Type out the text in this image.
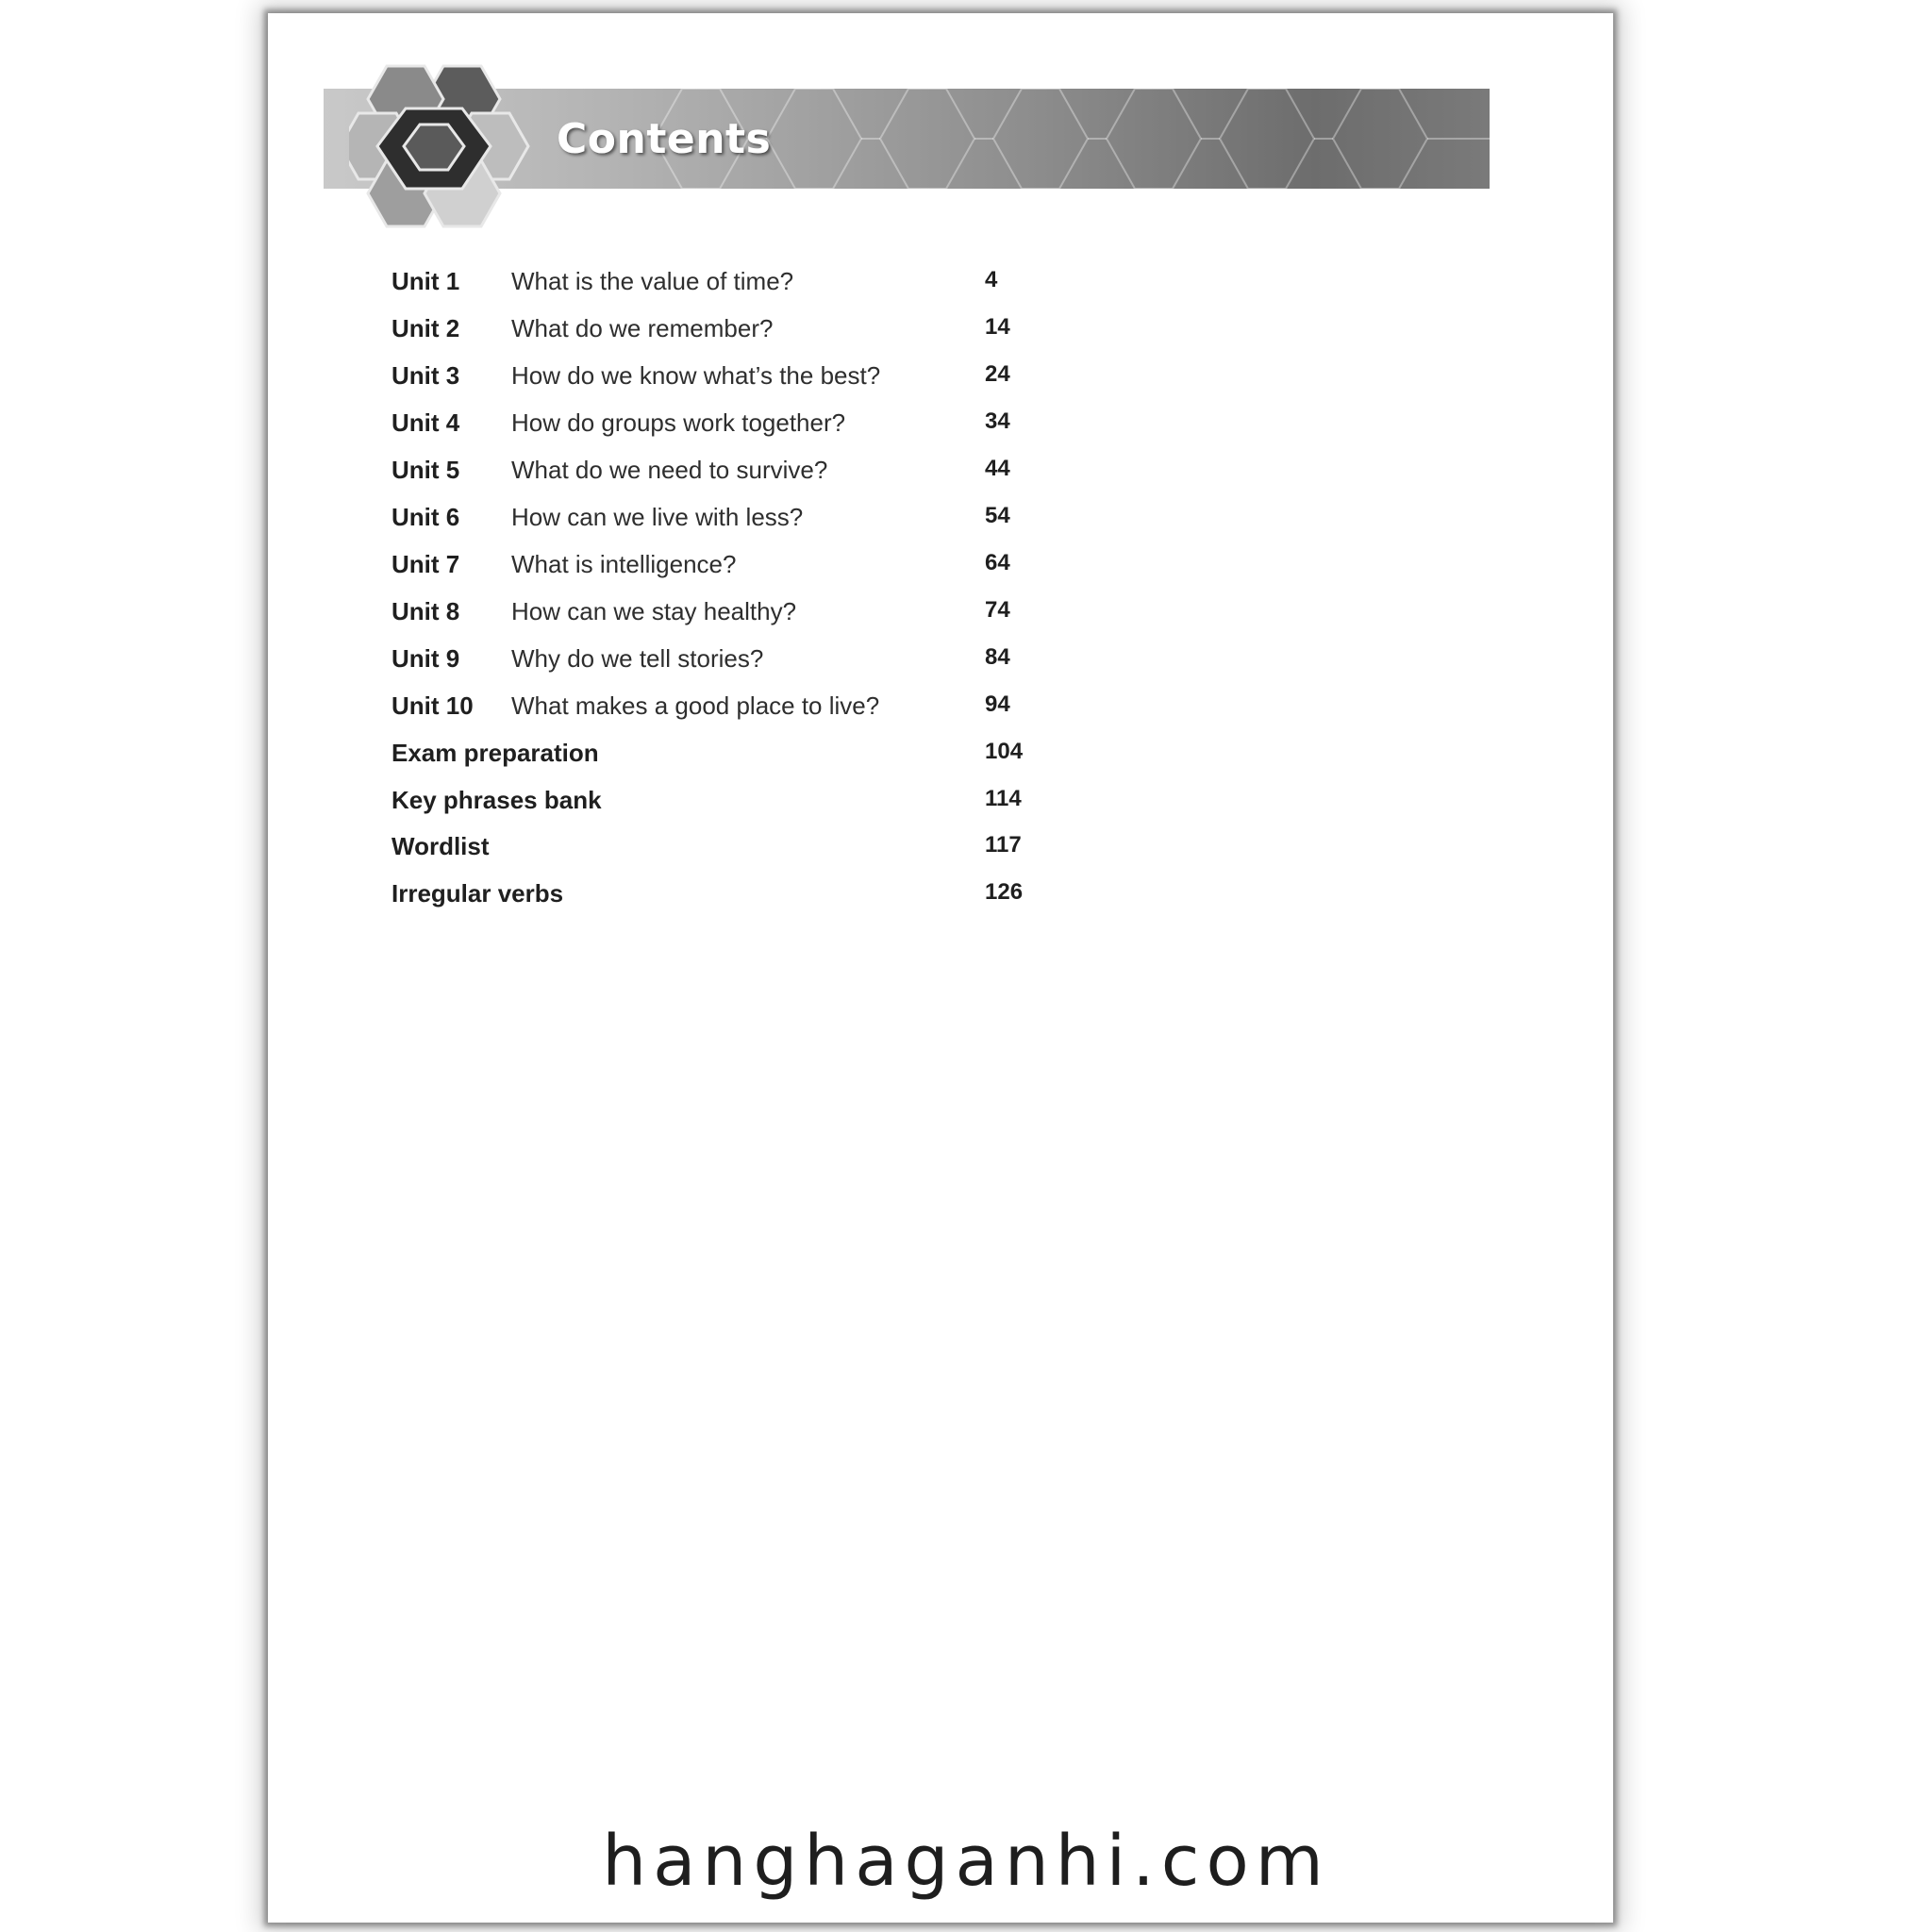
Contents
Unit 1 What is the value of time?	4
Unit 2 What do we remember?	14
Unit 3 How do we know what’s the best?	24
Unit 4 How do groups work together?	34
Unit 5 What do we need to survive?	44
Unit 6 How can we live with less?	54
Unit 7 What is intelligence?	64
Unit 8 How can we stay healthy?	74
Unit 9 Why do we tell stories?	84
Unit 10 What makes a good place to live?	94
Exam preparation	104
Key phrases bank	114
Wordlist	117
Irregular verbs	126
hanghaganhi.com
